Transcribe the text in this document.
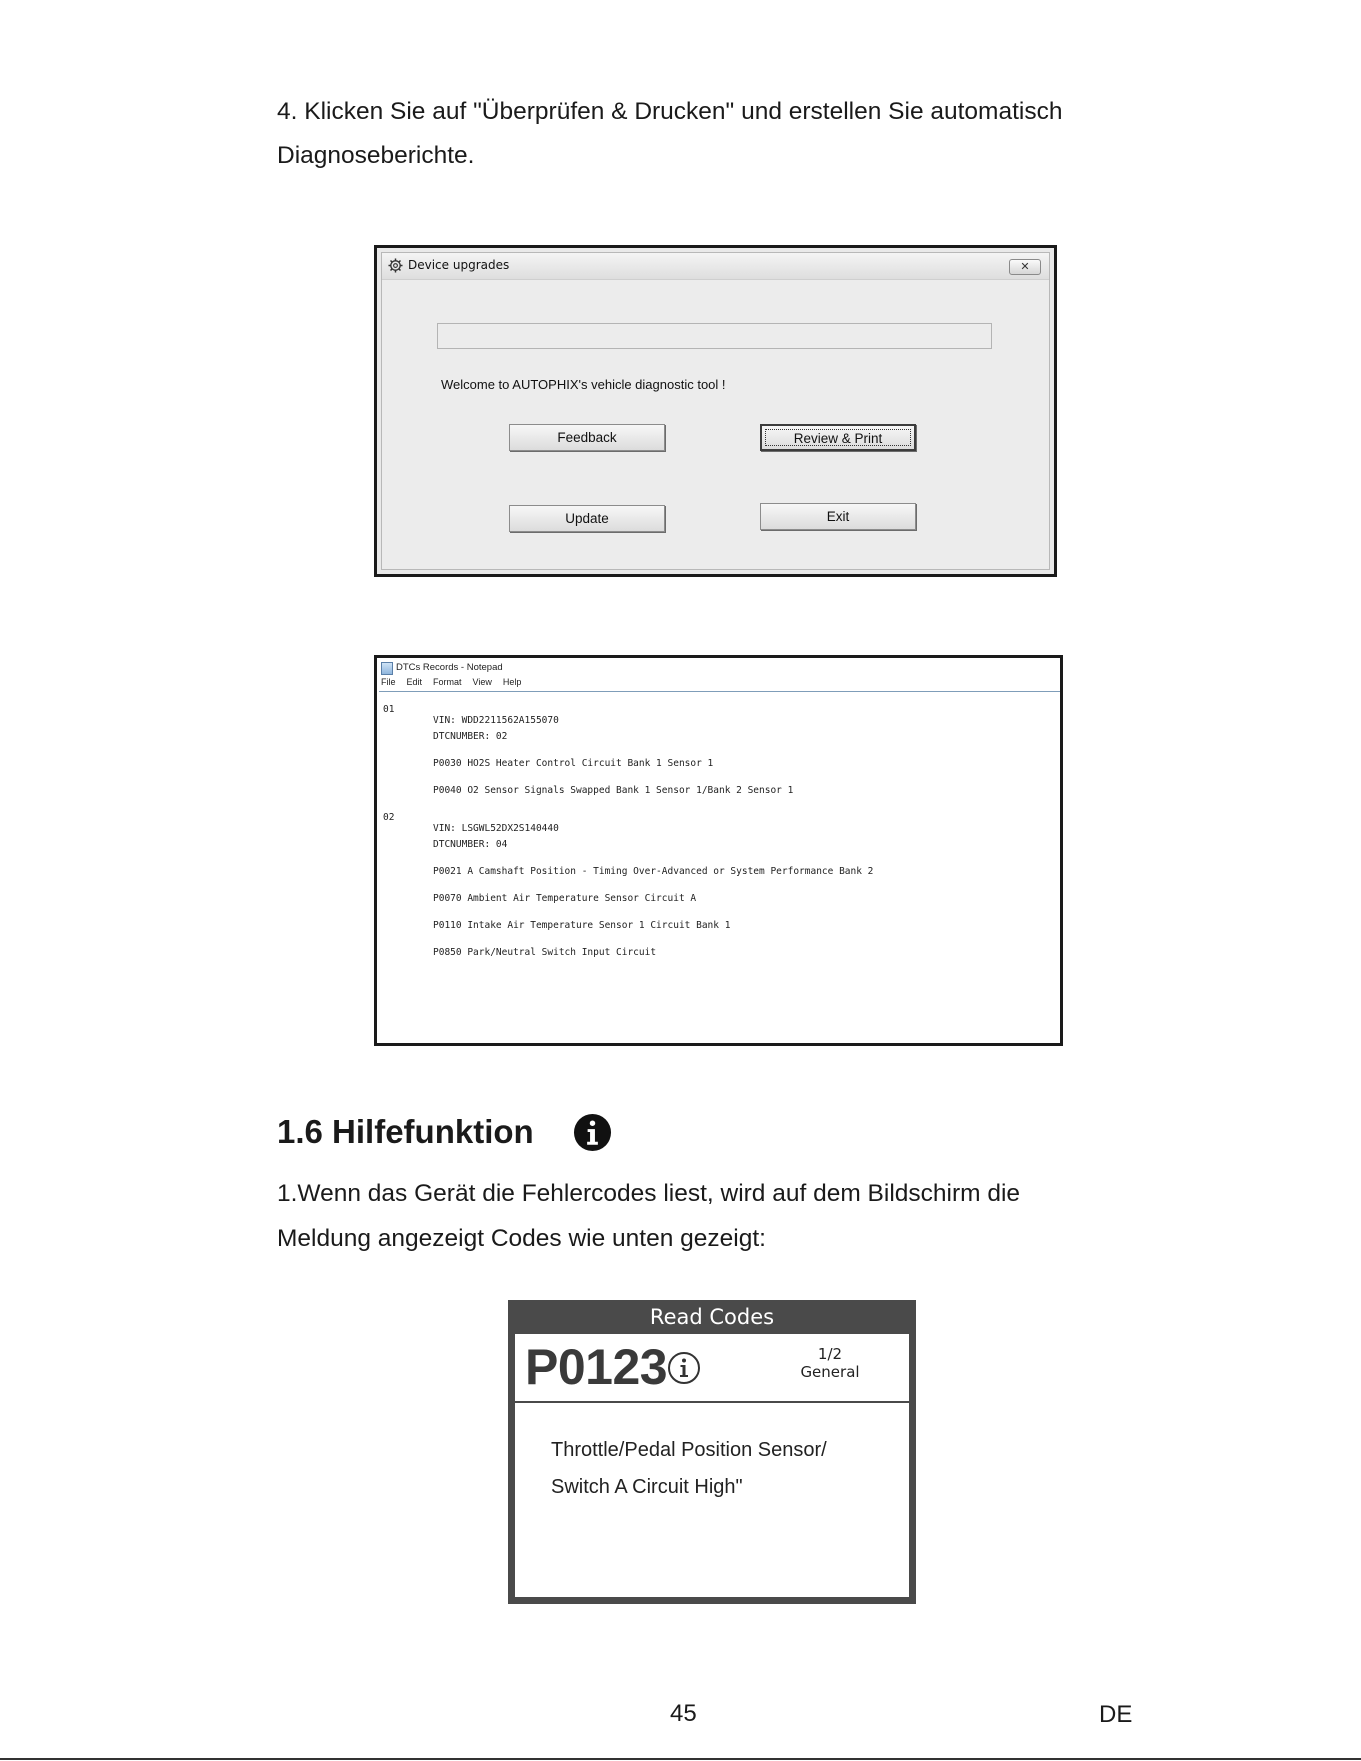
4. Klicken Sie auf "Überprüfen & Drucken" und erstellen Sie automatisch

Diagnoseberichte.

Device upgrades	✕
Welcome to AUTOPHIX's vehicle diagnostic tool !
Feedback	Review & Print
Update	Exit
DTCs Records - Notepad
File Edit Format View Help

01

VIN: WDD2211562A155070

DTCNUMBER: 02

P0030 HO2S Heater Control Circuit Bank 1 Sensor 1

P0040 O2 Sensor Signals Swapped Bank 1 Sensor 1/Bank 2 Sensor 1

02

VIN: LSGWL52DX2S140440

DTCNUMBER: 04

P0021 A Camshaft Position - Timing Over-Advanced or System Performance Bank 2

P0070 Ambient Air Temperature Sensor Circuit A

P0110 Intake Air Temperature Sensor 1 Circuit Bank 1

P0850 Park/Neutral Switch Input Circuit

1.6 Hilfefunktion

1.Wenn das Gerät die Fehlercodes liest, wird auf dem Bildschirm die

Meldung angezeigt Codes wie unten gezeigt:

Read Codes
P0123	1/2
General
Throttle/Pedal Position Sensor/
Switch A Circuit High"
45	DE
